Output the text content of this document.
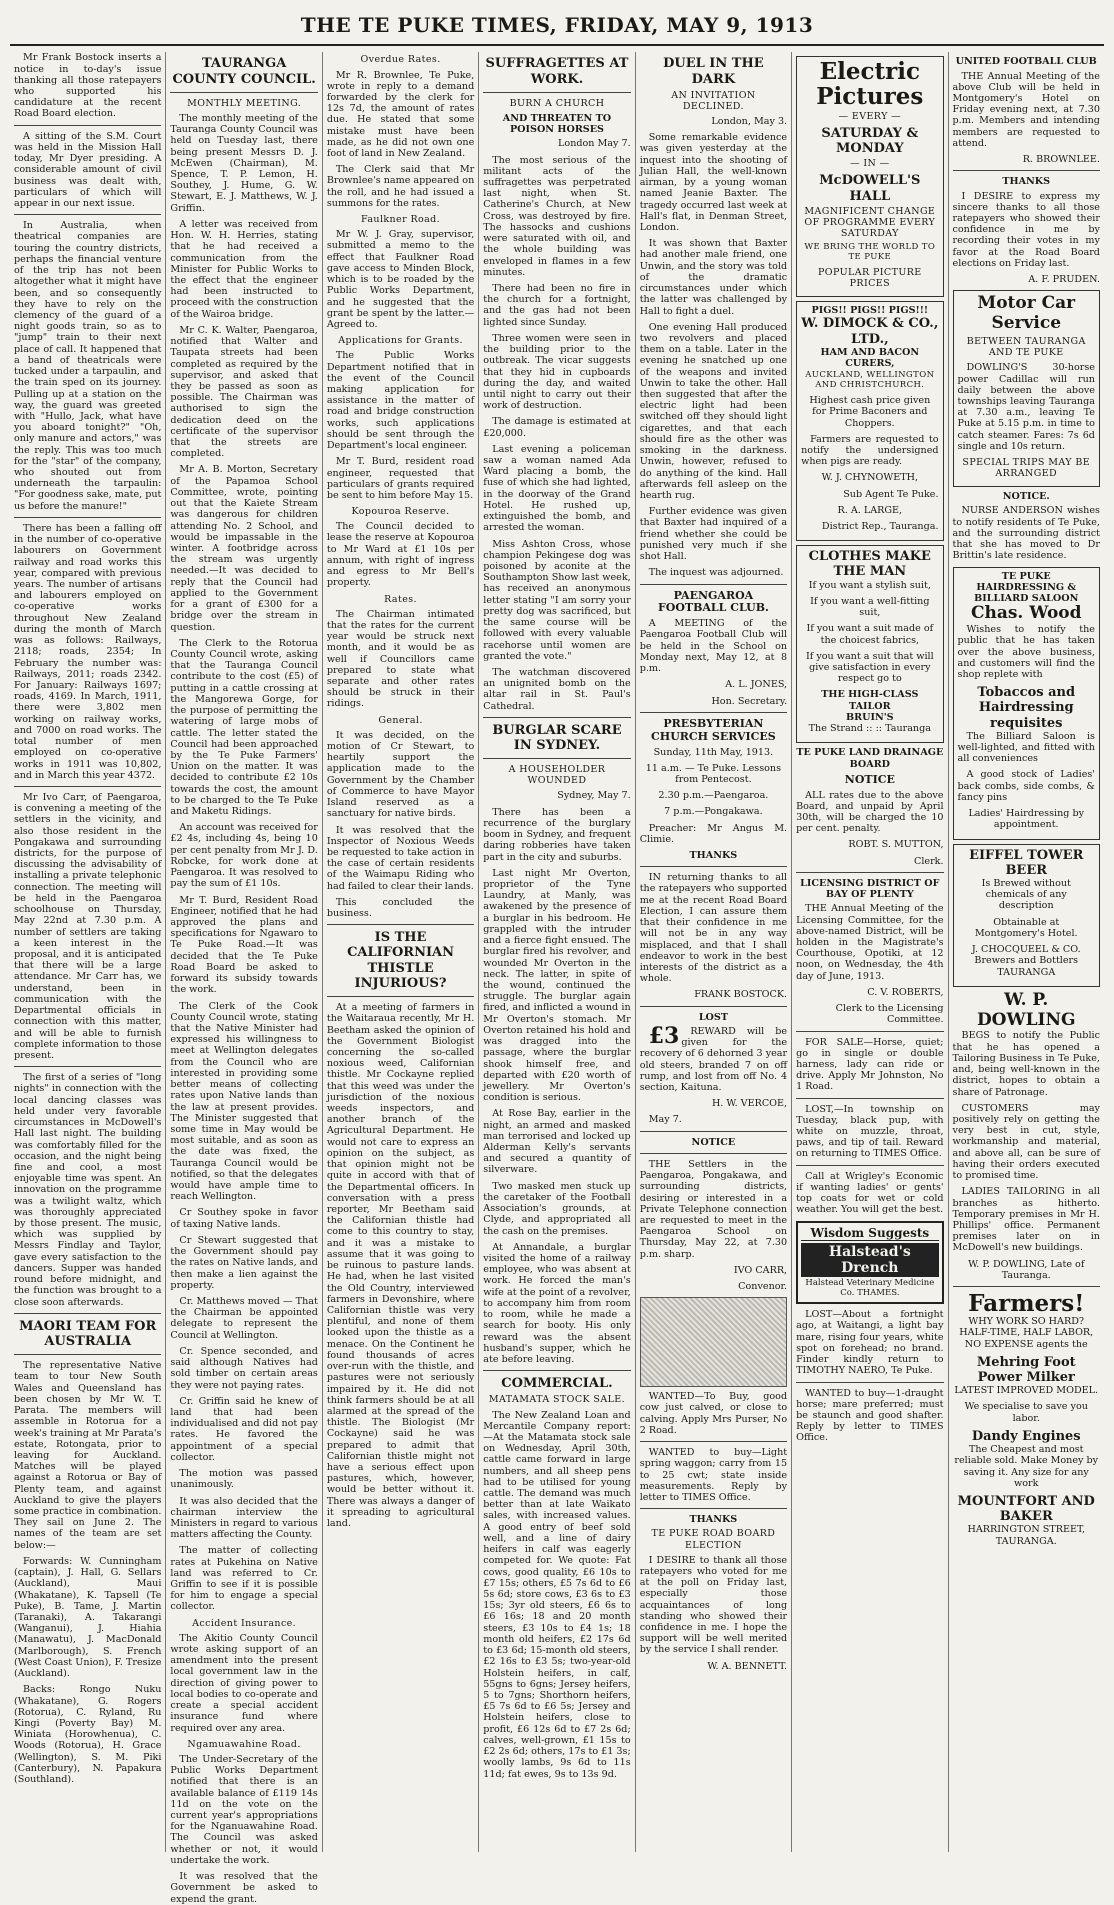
THE TE PUKE TIMES, FRIDAY, MAY 9, 1913

Mr Frank Bostock inserts a notice in to-day's issue thanking all those ratepayers who supported his candidature at the recent Road Board election.

A sitting of the S.M. Court was held in the Mission Hall today, Mr Dyer presiding. A considerable amount of civil business was dealt with, particulars of which will appear in our next issue.

In Australia, when theatrical companies are touring the country districts, perhaps the financial venture of the trip has not been altogether what it might have been, and so consequently they have to rely on the clemency of the guard of a night goods train, so as to "jump" train to their next place of call. It happened that a band of theatricals were tucked under a tarpaulin, and the train sped on its journey. Pulling up at a station on the way, the guard was greeted with "Hullo, Jack, what have you aboard tonight?" "Oh, only manure and actors," was the reply. This was too much for the "star" of the company, who shouted out from underneath the tarpaulin: "For goodness sake, mate, put us before the manure!"

There has been a falling off in the number of co-operative labourers on Government railway and road works this year, compared with previous years. The number of artisans and labourers employed on co-operative works throughout New Zealand during the month of March was as follows: Railways, 2118; roads, 2354; In February the number was: Railways, 2011; roads 2342. For January: Railways 1697; roads, 4169. In March, 1911, there were 3,802 men working on railway works, and 7000 on road works. The total number of men employed on co-operative works in 1911 was 10,802, and in March this year 4372.

Mr Ivo Carr, of Paengaroa, is convening a meeting of the settlers in the vicinity, and also those resident in the Pongakawa and surrounding districts, for the purpose of discussing the advisability of installing a private telephonic connection. The meeting will be held in the Paengaroa schoolhouse on Thursday, May 22nd at 7.30 p.m. A number of settlers are taking a keen interest in the proposal, and it is anticipated that there will be a large attendance. Mr Carr has, we understand, been in communication with the Departmental officials in connection with this matter, and will be able to furnish complete information to those present.

The first of a series of "long nights" in connection with the local dancing classes was held under very favorable circumstances in McDowell's Hall last night. The building was comfortably filled for the occasion, and the night being fine and cool, a most enjoyable time was spent. An innovation on the programme was a twilight waltz, which was thoroughly appreciated by those present. The music, which was supplied by Messrs Findlay and Taylor, gave every satisfaction to the dancers. Supper was handed round before midnight, and the function was brought to a close soon afterwards.

MAORI TEAM FOR AUSTRALIA

The representative Native team to tour New South Wales and Queensland has been chosen by Mr W. T. Parata. The members will assemble in Rotorua for a week's training at Mr Parata's estate, Rotongata, prior to leaving for Auckland. Matches will be played against a Rotorua or Bay of Plenty team, and against Auckland to give the players some practice in combination. They sail on June 2. The names of the team are set below:—

Forwards: W. Cunningham (captain), J. Hall, G. Sellars (Auckland), Maui (Whakatane), K. Tapsell (Te Puke), B. Tame, J. Martin (Taranaki), A. Takarangi (Wanganui), J. Hiahia (Manawatu), J. MacDonald (Marlborough), S. French (West Coast Union), F. Tresize (Auckland).

Backs: Rongo Nuku (Whakatane), G. Rogers (Rotorua), C. Ryland, Ru Kingi (Poverty Bay) M. Winiata (Horowhenua), C. Woods (Rotorua), H. Grace (Wellington), S. M. Piki (Canterbury), N. Papakura (Southland).

TAURANGA COUNTY COUNCIL.
MONTHLY MEETING.

The monthly meeting of the Tauranga County Council was held on Tuesday last, there being present Messrs D. J. McEwen (Chairman), M. Spence, T. P. Lemon, H. Southey, J. Hume, G. W. Stewart, E. J. Matthews, W. J. Griffin.

A letter was received from Hon. W. H. Herries, stating that he had received a communication from the Minister for Public Works to the effect that the engineer had been instructed to proceed with the construction of the Wairoa bridge.

Mr C. K. Walter, Paengaroa, notified that Walter and Taupata streets had been completed as required by the supervisor, and asked that they be passed as soon as possible. The Chairman was authorised to sign the dedication deed on the certificate of the supervisor that the streets are completed.

Mr A. B. Morton, Secretary of the Papamoa School Committee, wrote, pointing out that the Kaiete Stream was dangerous for children attending No. 2 School, and would be impassable in the winter. A footbridge across the stream was urgently needed.—It was decided to reply that the Council had applied to the Government for a grant of £300 for a bridge over the stream in question.

The Clerk to the Rotorua County Council wrote, asking that the Tauranga Council contribute to the cost (£5) of putting in a cattle crossing at the Mangorewa Gorge, for the purpose of permitting the watering of large mobs of cattle. The letter stated the Council had been approached by the Te Puke Farmers' Union on the matter. It was decided to contribute £2 10s towards the cost, the amount to be charged to the Te Puke and Maketu Ridings.

An account was received for £2 4s, including 4s, being 10 per cent penalty from Mr J. D. Robcke, for work done at Paengaroa. It was resolved to pay the sum of £1 10s.

Mr T. Burd, Resident Road Engineer, notified that he had approved the plans and specifications for Ngawaro to Te Puke Road.—It was decided that the Te Puke Road Board be asked to forward its subsidy towards the work.

The Clerk of the Cook County Council wrote, stating that the Native Minister had expressed his willingness to meet at Wellington delegates from the Council who are interested in providing some better means of collecting rates upon Native lands than the law at present provides. The Minister suggested that some time in May would be most suitable, and as soon as the date was fixed, the Tauranga Council would be notified, so that the delegates would have ample time to reach Wellington.

Cr Southey spoke in favor of taxing Native lands.

Cr Stewart suggested that the Government should pay the rates on Native lands, and then make a lien against the property.

Cr. Matthews moved — That the Chairman be appointed delegate to represent the Council at Wellington.

Cr. Spence seconded, and said although Natives had sold timber on certain areas they were not paying rates.

Cr. Griffin said he knew of land that had been individualised and did not pay rates. He favored the appointment of a special collector.

The motion was passed unanimously.

It was also decided that the chairman interview the Ministers in regard to various matters affecting the County.

The matter of collecting rates at Pukehina on Native land was referred to Cr. Griffin to see if it is possible for him to engage a special collector.

Accident Insurance.

The Akitio County Council wrote asking support of an amendment into the present local government law in the direction of giving power to local bodies to co-operate and create a special accident insurance fund where required over any area.

Ngamuawahine Road.

The Under-Secretary of the Public Works Department notified that there is an available balance of £119 14s 11d on the vote on the current year's appropriations for the Nganuawahine Road. The Council was asked whether or not, it would undertake the work.

It was resolved that the Government be asked to expend the grant.

Overdue Rates.

Mr R. Brownlee, Te Puke, wrote in reply to a demand forwarded by the clerk for 12s 7d, the amount of rates due. He stated that some mistake must have been made, as he did not own one foot of land in New Zealand.

The Clerk said that Mr Brownlee's name appeared on the roll, and he had issued a summons for the rates.

Faulkner Road.

Mr W. J. Gray, supervisor, submitted a memo to the effect that Faulkner Road gave access to Minden Block, which is to be roaded by the Public Works Department, and he suggested that the grant be spent by the latter.—Agreed to.

Applications for Grants.

The Public Works Department notified that in the event of the Council making application for assistance in the matter of road and bridge construction works, such applications should be sent through the Department's local engineer.

Mr T. Burd, resident road engineer, requested that particulars of grants required be sent to him before May 15.

Kopouroa Reserve.

The Council decided to lease the reserve at Kopouroa to Mr Ward at £1 10s per annum, with right of ingress and egress to Mr Bell's property.

Rates.

The Chairman intimated that the rates for the current year would be struck next month, and it would be as well if Councillors came prepared to state what separate and other rates should be struck in their ridings.

General.

It was decided, on the motion of Cr Stewart, to heartily support the application made to the Government by the Chamber of Commerce to have Mayor Island reserved as a sanctuary for native birds.

It was resolved that the Inspector of Noxious Weeds be requested to take action in the case of certain residents of the Waimapu Riding who had failed to clear their lands.

This concluded the business.

IS THE CALIFORNIAN THISTLE INJURIOUS?

At a meeting of farmers in the Waitaraua recently, Mr H. Beetham asked the opinion of the Government Biologist concerning the so-called noxious weed, Californian thistle. Mr Cockayne replied that this weed was under the jurisdiction of the noxious weeds inspectors, and another branch of the Agricultural Department. He would not care to express an opinion on the subject, as that opinion might not be quite in accord with that of the Departmental officers. In conversation with a press reporter, Mr Beetham said the Californian thistle had come to this country to stay, and it was a mistake to assume that it was going to be ruinous to pasture lands. He had, when he last visited the Old Country, interviewed farmers in Devonshire, where Californian thistle was very plentiful, and none of them looked upon the thistle as a menace. On the Continent he found thousands of acres over-run with the thistle, and pastures were not seriously impaired by it. He did not think farmers should be at all alarmed at the spread of the thistle. The Biologist (Mr Cockayne) said he was prepared to admit that Californian thistle might not have a serious effect upon pastures, which, however, would be better without it. There was always a danger of it spreading to agricultural land.

SUFFRAGETTES AT WORK.
BURN A CHURCH
AND THREATEN TO POISON HORSES

London May 7.

The most serious of the militant acts of the suffragettes was perpetrated last night, when St. Catherine's Church, at New Cross, was destroyed by fire. The hassocks and cushions were saturated with oil, and the whole building was enveloped in flames in a few minutes.

There had been no fire in the church for a fortnight, and the gas had not been lighted since Sunday.

Three women were seen in the building prior to the outbreak. The vicar suggests that they hid in cupboards during the day, and waited until night to carry out their work of destruction.

The damage is estimated at £20,000.

Last evening a policeman saw a woman named Ada Ward placing a bomb, the fuse of which she had lighted, in the doorway of the Grand Hotel. He rushed up, extinguished the bomb, and arrested the woman.

Miss Ashton Cross, whose champion Pekingese dog was poisoned by aconite at the Southampton Show last week, has received an anonymous letter stating "I am sorry your pretty dog was sacrificed, but the same course will be followed with every valuable racehorse until women are granted the vote."

The watchman discovered an unignited bomb on the altar rail in St. Paul's Cathedral.

BURGLAR SCARE IN SYDNEY.
A HOUSEHOLDER WOUNDED

Sydney, May 7.

There has been a recurrence of the burglary boom in Sydney, and frequent daring robberies have taken part in the city and suburbs.

Last night Mr Overton, proprietor of the Tyne Laundry, at Manly, was awakened by the presence of a burglar in his bedroom. He grappled with the intruder and a fierce fight ensued. The burglar fired his revolver, and wounded Mr Overton in the neck. The latter, in spite of the wound, continued the struggle. The burglar again fired, and inflicted a wound in Mr Overton's stomach. Mr Overton retained his hold and was dragged into the passage, where the burglar shook himself free, and departed with £20 worth of jewellery. Mr Overton's condition is serious.

At Rose Bay, earlier in the night, an armed and masked man terrorised and locked up Alderman Kelly's servants and secured a quantity of silverware.

Two masked men stuck up the caretaker of the Football Association's grounds, at Clyde, and appropriated all the cash on the premises.

At Annandale, a burglar visited the home of a railway employee, who was absent at work. He forced the man's wife at the point of a revolver, to accompany him from room to room, while he made a search for booty. His only reward was the absent husband's supper, which he ate before leaving.

COMMERCIAL.
MATAMATA STOCK SALE.

The New Zealand Loan and Mercantile Company report:—At the Matamata stock sale on Wednesday, April 30th, cattle came forward in large numbers, and all sheep pens had to be utilised for young cattle. The demand was much better than at late Waikato sales, with increased values. A good entry of beef sold well, and a line of dairy heifers in calf was eagerly competed for. We quote: Fat cows, good quality, £6 10s to £7 15s; others, £5 7s 6d to £6 5s 6d; store cows, £3 6s to £3 15s; 3yr old steers, £6 6s to £6 16s; 18 and 20 month steers, £3 10s to £4 1s; 18 month old heifers, £2 17s 6d to £3 6d; 15-month old steers, £2 16s to £3 5s; two-year-old Holstein heifers, in calf, 55gns to 6gns; Jersey heifers, 5 to 7gns; Shorthorn heifers, £5 7s 6d to £6 5s; Jersey and Holstein heifers, close to profit, £6 12s 6d to £7 2s 6d; calves, well-grown, £1 15s to £2 2s 6d; others, 17s to £1 3s; woolly lambs, 9s 6d to 11s 11d; fat ewes, 9s to 13s 9d.

DUEL IN THE DARK
AN INVITATION DECLINED.

London, May 3.

Some remarkable evidence was given yesterday at the inquest into the shooting of Julian Hall, the well-known airman, by a young woman named Jeanie Baxter. The tragedy occurred last week at Hall's flat, in Denman Street, London.

It was shown that Baxter had another male friend, one Unwin, and the story was told of the dramatic circumstances under which the latter was challenged by Hall to fight a duel.

One evening Hall produced two revolvers and placed them on a table. Later in the evening he snatched up one of the weapons and invited Unwin to take the other. Hall then suggested that after the electric light had been switched off they should light cigarettes, and that each should fire as the other was smoking in the darkness. Unwin, however, refused to do anything of the kind. Hall afterwards fell asleep on the hearth rug.

Further evidence was given that Baxter had inquired of a friend whether she could be punished very much if she shot Hall.

The inquest was adjourned.

PAENGAROA FOOTBALL CLUB.

A MEETING of the Paengaroa Football Club will be held in the School on Monday next, May 12, at 8 p.m.

A. L. JONES,

Hon. Secretary.

PRESBYTERIAN CHURCH SERVICES

Sunday, 11th May, 1913.

11 a.m. — Te Puke. Lessons from Pentecost.

2.30 p.m.—Paengaroa.

7 p.m.—Pongakawa.

Preacher: Mr Angus M. Climie.

THANKS

IN returning thanks to all the ratepayers who supported me at the recent Road Board Election, I can assure them that their confidence in me will not be in any way misplaced, and that I shall endeavor to work in the best interests of the district as a whole.

FRANK BOSTOCK.

LOST

£3 REWARD will be given for the recovery of 6 dehorned 3 year old steers, branded 7 on off rump, and lost from off No. 4 section, Kaituna.

H. W. VERCOE,

May 7.

NOTICE

THE Settlers in the Paengaroa, Pongakawa, and surrounding districts, desiring or interested in a Private Telephone connection are requested to meet in the Paengaroa School on Thursday, May 22, at 7.30 p.m. sharp.

IVO CARR,

Convenor.

WANTED—To Buy, good cow just calved, or close to calving. Apply Mrs Purser, No 2 Road.

WANTED to buy—Light spring waggon; carry from 15 to 25 cwt; state inside measurements. Reply by letter to TIMES Office.

THANKS
TE PUKE ROAD BOARD ELECTION

I DESIRE to thank all those ratepayers who voted for me at the poll on Friday last, especially those acquaintances of long standing who showed their confidence in me. I hope the support will be well merited by the service I shall render.

W. A. BENNETT.

Electric Pictures
— EVERY —
SATURDAY & MONDAY
— IN —
McDOWELL'S HALL
MAGNIFICENT CHANGE OF PROGRAMME EVERY SATURDAY
WE BRING THE WORLD TO TE PUKE
POPULAR PICTURE PRICES
PIGS!! PIGS!! PIGS!!!
W. DIMOCK & CO., LTD.,
HAM AND BACON CURERS,
AUCKLAND, WELLINGTON AND CHRISTCHURCH.

Highest cash price given for Prime Baconers and Choppers.

Farmers are requested to notify the undersigned when pigs are ready.

W. J. CHYNOWETH,

Sub Agent Te Puke.

R. A. LARGE,

District Rep., Tauranga.

CLOTHES MAKE THE MAN

If you want a stylish suit,

If you want a well-fitting suit,

If you want a suit made of the choicest fabrics,

If you want a suit that will give satisfaction in every respect go to

THE HIGH-CLASS TAILOR
BRUIN'S

The Strand :: :: Tauranga

TE PUKE LAND DRAINAGE BOARD
NOTICE

ALL rates due to the above Board, and unpaid by April 30th, will be charged the 10 per cent. penalty.

ROBT. S. MUTTON,

Clerk.

LICENSING DISTRICT OF BAY OF PLENTY

THE Annual Meeting of the Licensing Committee, for the above-named District, will be holden in the Magistrate's Courthouse, Opotiki, at 12 noon, on Wednesday, the 4th day of June, 1913.

C. V. ROBERTS,

Clerk to the Licensing Committee.

FOR SALE—Horse, quiet; go in single or double harness, lady can ride or drive. Apply Mr Johnston, No 1 Road.

LOST,—In township on Tuesday, black pup, with white on muzzle, throat, paws, and tip of tail. Reward on returning to TIMES Office.

Call at Wrigley's Economic if wanting ladies' or gents' top coats for wet or cold weather. You will get the best.

Wisdom Suggests
Halstead's Drench
Halstead Veterinary Medicine Co. THAMES.

LOST—About a fortnight ago, at Waitangi, a light bay mare, rising four years, white spot on forehead; no brand. Finder kindly return to TIMOTHY NAERO, Te Puke.

WANTED to buy—1-draught horse; mare preferred; must be staunch and good shafter. Reply by letter to TIMES Office.

UNITED FOOTBALL CLUB

THE Annual Meeting of the above Club will be held in Montgomery's Hotel on Friday evening next, at 7.30 p.m. Members and intending members are requested to attend.

R. BROWNLEE.

THANKS

I DESIRE to express my sincere thanks to all those ratepayers who showed their confidence in me by recording their votes in my favor at the Road Board elections on Friday last.

A. F. PRUDEN.

Motor Car Service
BETWEEN TAURANGA AND TE PUKE

DOWLING'S 30-horse power Cadillac will run daily between the above townships leaving Tauranga at 7.30 a.m., leaving Te Puke at 5.15 p.m. in time to catch steamer. Fares: 7s 6d single and 10s return.

SPECIAL TRIPS MAY BE ARRANGED
NOTICE.

NURSE ANDERSON wishes to notify residents of Te Puke, and the surrounding district that she has moved to Dr Brittin's late residence.

TE PUKE HAIRDRESSING & BILLIARD SALOON
Chas. Wood

Wishes to notify the public that he has taken over the above business, and customers will find the shop replete with

Tobaccos and Hairdressing requisites

The Billiard Saloon is well-lighted, and fitted with all conveniences

A good stock of Ladies' back combs, side combs, & fancy pins

Ladies' Hairdressing by appointment.

EIFFEL TOWER BEER

Is Brewed without chemicals of any description

Obtainable at Montgomery's Hotel.

J. CHOCQUEEL & CO. Brewers and Bottlers TAURANGA

W. P. DOWLING

BEGS to notify the Public that he has opened a Tailoring Business in Te Puke, and, being well-known in the district, hopes to obtain a share of Patronage.

CUSTOMERS may positively rely on getting the very best in cut, style, workmanship and material, and above all, can be sure of having their orders executed to promised time.

LADIES TAILORING in all branches as hitherto. Temporary premises in Mr H. Phillips' office. Permanent premises later on in McDowell's new buildings.

W. P. DOWLING, Late of Tauranga.

Farmers!

WHY WORK SO HARD? HALF-TIME, HALF LABOR, NO EXPENSE agents the

Mehring Foot Power Milker

LATEST IMPROVED MODEL.

We specialise to save you labor.

Dandy Engines

The Cheapest and most reliable sold. Make Money by saving it. Any size for any work

MOUNTFORT AND BAKER

HARRINGTON STREET, TAURANGA.
